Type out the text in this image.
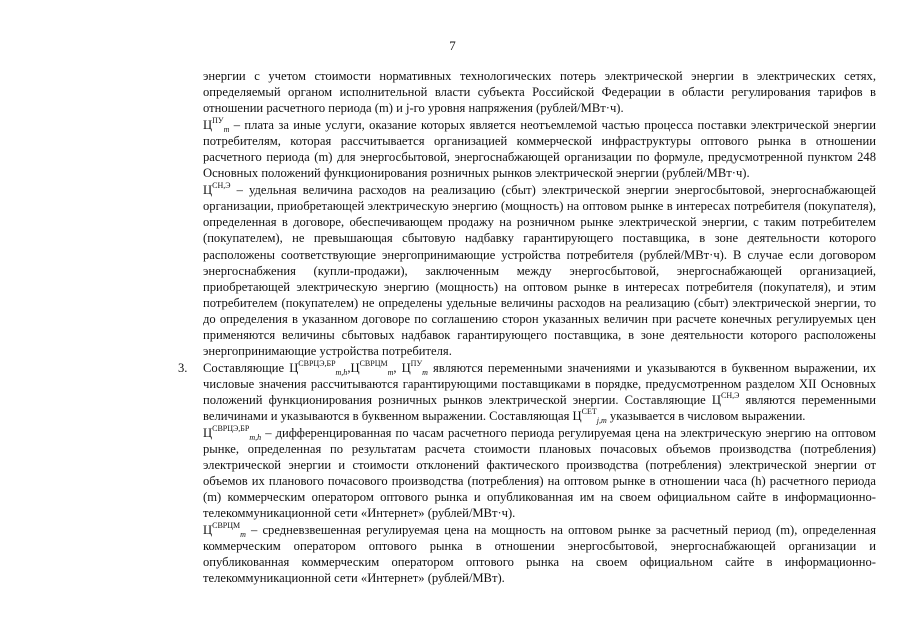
7

энергии с учетом стоимости нормативных технологических потерь электрической энергии в электрических сетях, определяемый органом исполнительной власти субъекта Российской Федерации в области регулирования тарифов в отношении расчетного периода (m) и j-го уровня напряжения (рублей/МВт·ч).

$Ц^{ПУ}_m$ – плата за иные услуги, оказание которых является неотъемлемой частью процесса поставки электрической энергии потребителям, которая рассчитывается организацией коммерческой инфраструктуры оптового рынка в отношении расчетного периода (m) для энергосбытовой, энергоснабжающей организации по формуле, предусмотренной пунктом 248 Основных положений функционирования розничных рынков электрической энергии (рублей/МВт·ч).

$Ц^{СН,Э}$ – удельная величина расходов на реализацию (сбыт) электрической энергии энергосбытовой, энергоснабжающей организации, приобретающей электрическую энергию (мощность) на оптовом рынке в интересах потребителя (покупателя), определенная в договоре, обеспечивающем продажу на розничном рынке электрической энергии, с таким потребителем (покупателем), не превышающая сбытовую надбавку гарантирующего поставщика, в зоне деятельности которого расположены соответствующие энергопринимающие устройства потребителя (рублей/МВт·ч). В случае если договором энергоснабжения (купли-продажи), заключенным между энергосбытовой, энергоснабжающей организацией, приобретающей электрическую энергию (мощность) на оптовом рынке в интересах потребителя (покупателя), и этим потребителем (покупателем) не определены удельные величины расходов на реализацию (сбыт) электрической энергии, то до определения в указанном договоре по соглашению сторон указанных величин при расчете конечных регулируемых цен применяются величины сбытовых надбавок гарантирующего поставщика, в зоне деятельности которого расположены энергопринимающие устройства потребителя.

3. Составляющие $Ц^{СВРЦЭ,БР}_{m,h},Ц^{СВРЦМ}_m$, $Ц^{ПУ}_m$ являются переменными значениями и указываются в буквенном выражении, их числовые значения рассчитываются гарантирующими поставщиками в порядке, предусмотренном разделом XII Основных положений функционирования розничных рынков электрической энергии. Составляющие $Ц^{СН,Э}$ являются переменными величинами и указываются в буквенном выражении. Составляющая $Ц^{СЕТ}_{j,m}$ указывается в числовом выражении.

$Ц^{СВРЦЭ,БР}_{m,h}$ – дифференцированная по часам расчетного периода регулируемая цена на электрическую энергию на оптовом рынке, определенная по результатам расчета стоимости плановых почасовых объемов производства (потребления) электрической энергии и стоимости отклонений фактического производства (потребления) электрической энергии от объемов их планового почасового производства (потребления) на оптовом рынке в отношении часа (h) расчетного периода (m) коммерческим оператором оптового рынка и опубликованная им на своем официальном сайте в информационно-телекоммуникационной сети «Интернет» (рублей/МВт·ч).

$Ц^{СВРЦМ}_m$ – средневзвешенная регулируемая цена на мощность на оптовом рынке за расчетный период (m), определенная коммерческим оператором оптового рынка в отношении энергосбытовой, энергоснабжающей организации и опубликованная коммерческим оператором оптового рынка на своем официальном сайте в информационно-телекоммуникационной сети «Интернет» (рублей/МВт).
